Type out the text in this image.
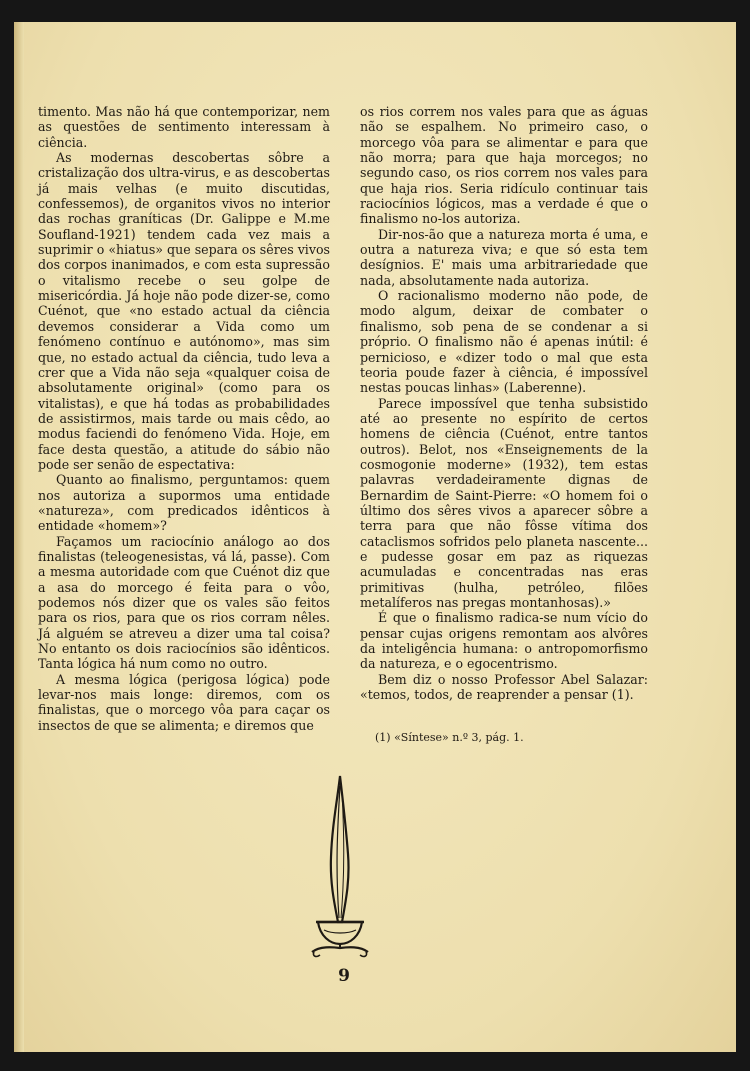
timento. Mas não há que contemporizar, nem as questões de sentimento interessam à ciência.

As modernas descobertas sôbre a cristalização dos ultra-virus, e as descobertas já mais velhas (e muito discutidas, confessemos), de organitos vivos no interior das rochas graníticas (Dr. Galippe e M.me Soufland-1921) tendem cada vez mais a suprimir o «hiatus» que separa os sêres vivos dos corpos inanimados, e com esta supressão o vitalismo recebe o seu golpe de misericórdia. Já hoje não pode dizer-se, como Cuénot, que «no estado actual da ciência devemos considerar a Vida como um fenómeno contínuo e autónomo», mas sim que, no estado actual da ciência, tudo leva a crer que a Vida não seja «qualquer coisa de absolutamente original» (como para os vitalistas), e que há todas as probabilidades de assistirmos, mais tarde ou mais cêdo, ao modus faciendi do fenómeno Vida. Hoje, em face desta questão, a atitude do sábio não pode ser senão de espectativa:

Quanto ao finalismo, perguntamos: quem nos autoriza a supormos uma entidade «natureza», com predicados idênticos à entidade «homem»?

Façamos um raciocínio análogo ao dos finalistas (teleogenesistas, vá lá, passe). Com a mesma autoridade com que Cuénot diz que a asa do morcego é feita para o vôo, podemos nós dizer que os vales são feitos para os rios, para que os rios corram nêles. Já alguém se atreveu a dizer uma tal coisa? No entanto os dois raciocínios são idênticos. Tanta lógica há num como no outro.

A mesma lógica (perigosa lógica) pode levar-nos mais longe: diremos, com os finalistas, que o morcego vôa para caçar os insectos de que se alimenta; e diremos que

os rios correm nos vales para que as águas não se espalhem. No primeiro caso, o morcego vôa para se alimentar e para que não morra; para que haja morcegos; no segundo caso, os rios correm nos vales para que haja rios. Seria ridículo continuar tais raciocínios lógicos, mas a verdade é que o finalismo no-los autoriza.

Dir-nos-ão que a natureza morta é uma, e outra a natureza viva; e que só esta tem desígnios. E' mais uma arbitrariedade que nada, absolutamente nada autoriza.

O racionalismo moderno não pode, de modo algum, deixar de combater o finalismo, sob pena de se condenar a si próprio. O finalismo não é apenas inútil: é pernicioso, e «dizer todo o mal que esta teoria poude fazer à ciência, é impossível nestas poucas linhas» (Laberenne).

Parece impossível que tenha subsistido até ao presente no espírito de certos homens de ciência (Cuénot, entre tantos outros). Belot, nos «Enseignements de la cosmogonie moderne» (1932), tem estas palavras verdadeiramente dignas de Bernardim de Saint-Pierre: «O homem foi o último dos sêres vivos a aparecer sôbre a terra para que não fôsse vítima dos cataclismos sofridos pelo planeta nascente... e pudesse gosar em paz as riquezas acumuladas e concentradas nas eras primitivas (hulha, petróleo, filões metalíferos nas pregas montanhosas).»

É que o finalismo radica-se num vício do pensar cujas origens remontam aos alvôres da inteligência humana: o antropomorfismo da natureza, e o egocentrismo.

Bem diz o nosso Professor Abel Salazar: «temos, todos, de reaprender a pensar (1).

(1) «Síntese» n.º 3, pág. 1.
9
